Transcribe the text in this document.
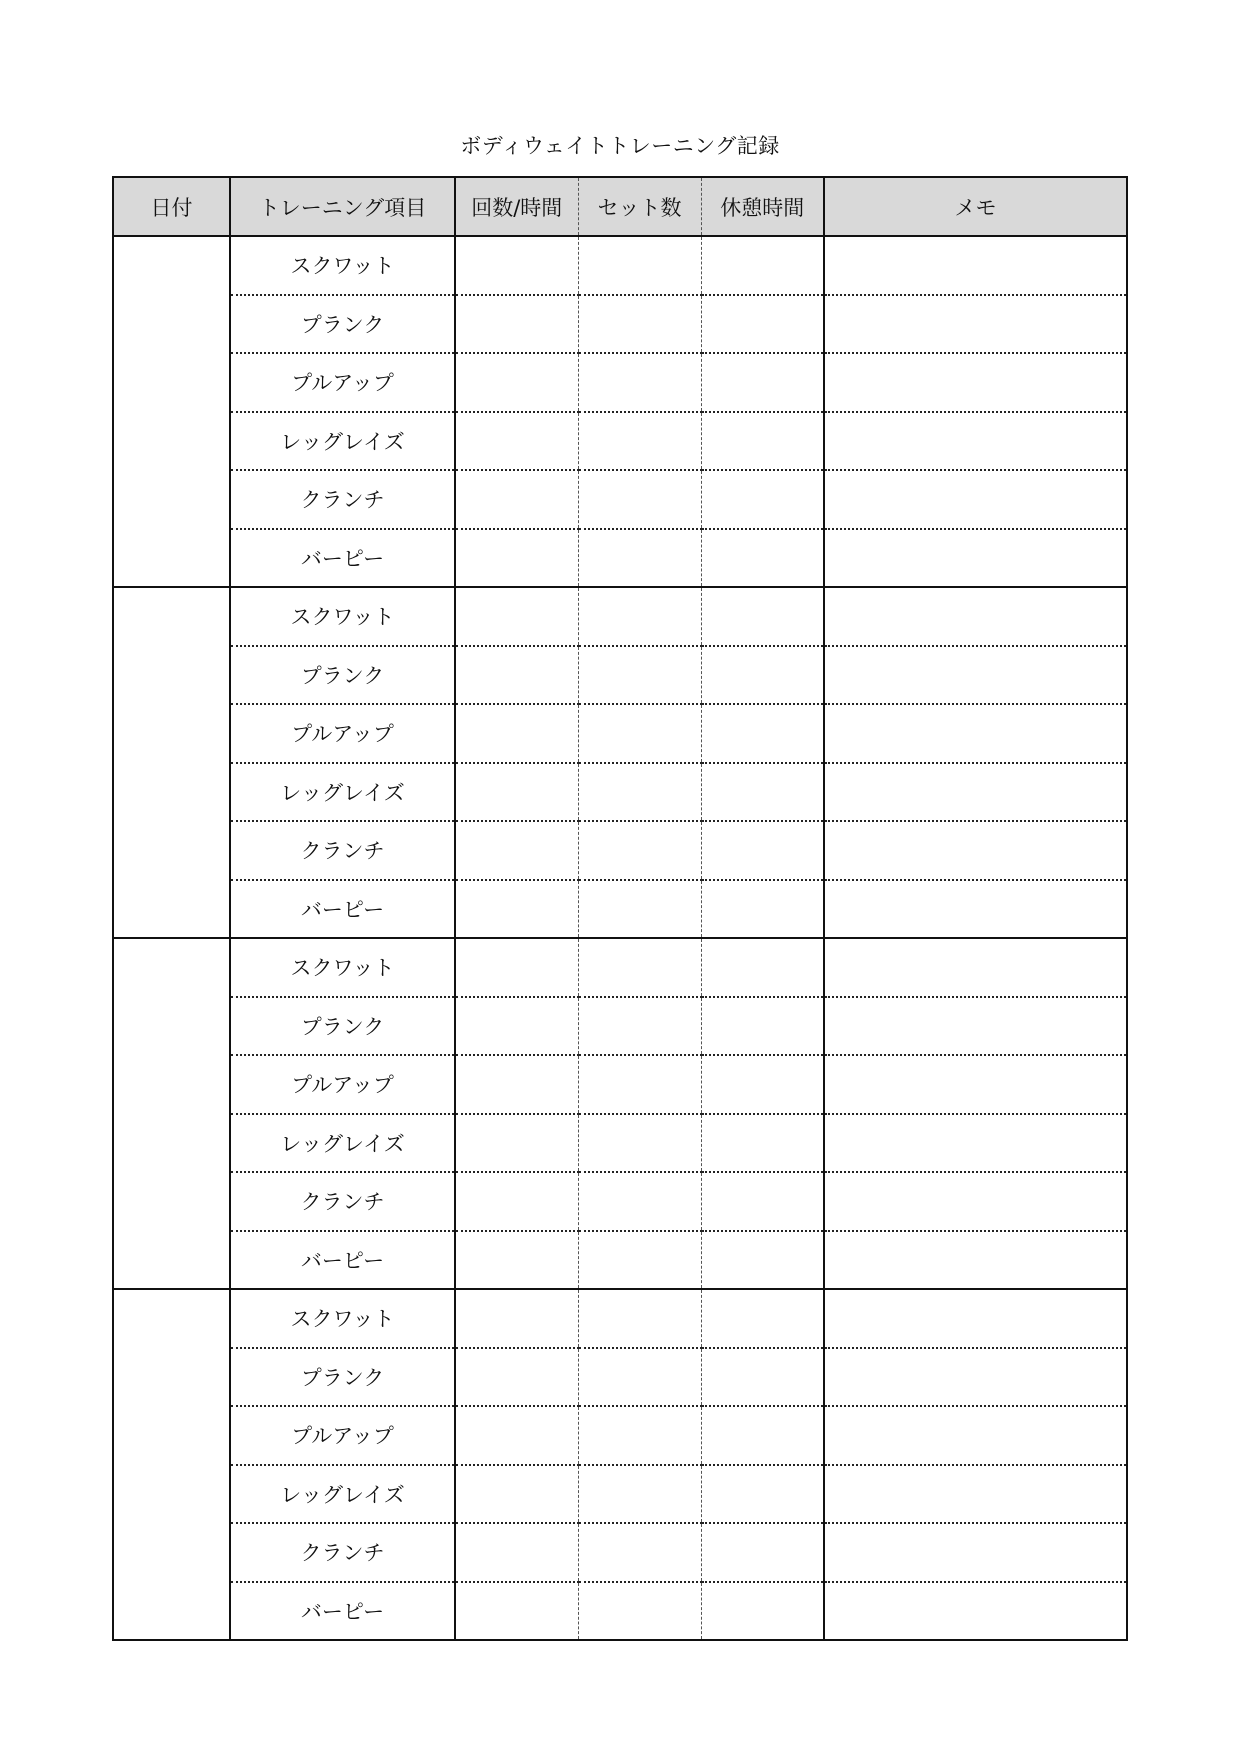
ボディウェイトトレーニング記録
日付	トレーニング項目	回数/時間	セット数	休憩時間	メモ
	スクワット				
	プランク				
	プルアップ				
	レッグレイズ				
	クランチ				
	バーピー				
	スクワット				
	プランク				
	プルアップ				
	レッグレイズ				
	クランチ				
	バーピー				
	スクワット				
	プランク				
	プルアップ				
	レッグレイズ				
	クランチ				
	バーピー				
	スクワット				
	プランク				
	プルアップ				
	レッグレイズ				
	クランチ				
	バーピー				
